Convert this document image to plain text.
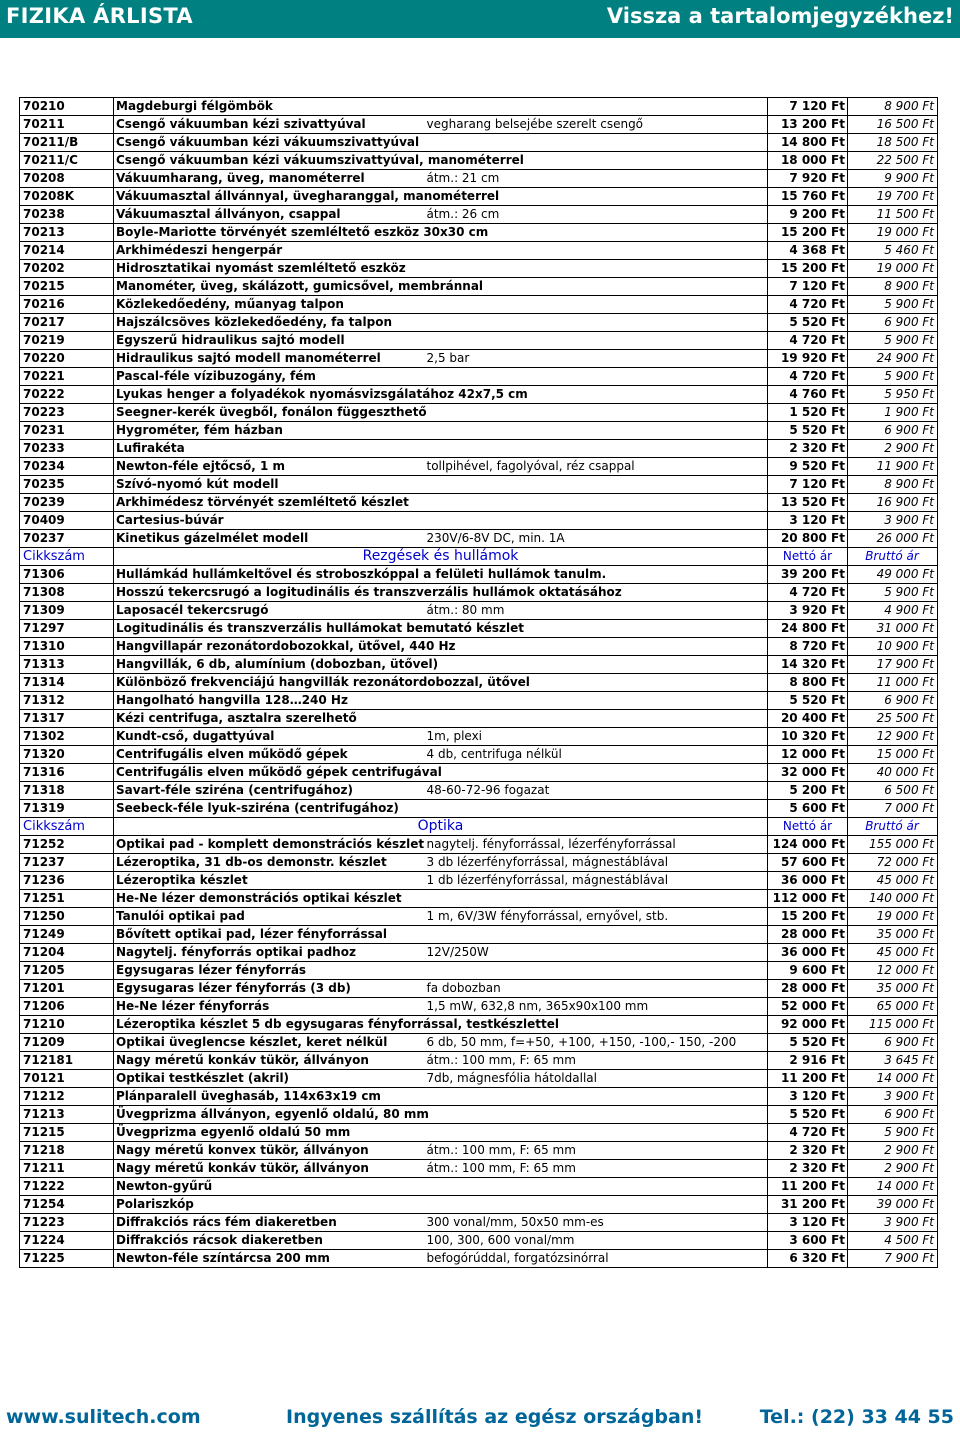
FIZIKA ÁRLISTA	Vissza a tartalomjegyzékhez!
70210	Magdeburgi félgömbök		7 120 Ft	8 900 Ft
70211	Csengő vákuumban kézi szivattyúval	vegharang belsejébe szerelt csengő	13 200 Ft	16 500 Ft
70211/B	Csengő vákuumban kézi vákuumszivattyúval		14 800 Ft	18 500 Ft
70211/C	Csengő vákuumban kézi vákuumszivattyúval, manométerrel		18 000 Ft	22 500 Ft
70208	Vákuumharang, üveg, manométerrel	átm.: 21 cm	7 920 Ft	9 900 Ft
70208K	Vákuumasztal állvánnyal, üvegharanggal, manométerrel		15 760 Ft	19 700 Ft
70238	Vákuumasztal állványon, csappal	átm.: 26 cm	9 200 Ft	11 500 Ft
70213	Boyle-Mariotte törvényét szemléltető eszköz 30x30 cm		15 200 Ft	19 000 Ft
70214	Arkhimédeszi hengerpár		4 368 Ft	5 460 Ft
70202	Hidrosztatikai nyomást szemléltető eszköz		15 200 Ft	19 000 Ft
70215	Manométer, üveg, skálázott, gumicsővel, membránnal		7 120 Ft	8 900 Ft
70216	Közlekedőedény, műanyag talpon		4 720 Ft	5 900 Ft
70217	Hajszálcsöves közlekedőedény, fa talpon		5 520 Ft	6 900 Ft
70219	Egyszerű hidraulikus sajtó modell		4 720 Ft	5 900 Ft
70220	Hidraulikus sajtó modell manométerrel	2,5 bar	19 920 Ft	24 900 Ft
70221	Pascal-féle vízibuzogány, fém		4 720 Ft	5 900 Ft
70222	Lyukas henger a folyadékok nyomásvizsgálatához 42x7,5 cm		4 760 Ft	5 950 Ft
70223	Seegner-kerék üvegből, fonálon függeszthető		1 520 Ft	1 900 Ft
70231	Hygrométer, fém házban		5 520 Ft	6 900 Ft
70233	Lufirakéta		2 320 Ft	2 900 Ft
70234	Newton-féle ejtőcső, 1 m	tollpihével, fagolyóval, réz csappal	9 520 Ft	11 900 Ft
70235	Szívó-nyomó kút modell		7 120 Ft	8 900 Ft
70239	Arkhimédesz törvényét szemléltető készlet		13 520 Ft	16 900 Ft
70409	Cartesius-búvár		3 120 Ft	3 900 Ft
70237	Kinetikus gázelmélet modell	230V/6-8V DC, min. 1A	20 800 Ft	26 000 Ft
Cikkszám	Rezgések és hullámok		Nettó ár	Bruttó ár
71306	Hullámkád hullámkeltővel és stroboszkóppal a felületi hullámok tanulm.		39 200 Ft	49 000 Ft
71308	Hosszú tekercsrugó a logitudinális és transzverzális hullámok oktatásához		4 720 Ft	5 900 Ft
71309	Laposacél tekercsrugó	átm.: 80 mm	3 920 Ft	4 900 Ft
71297	Logitudinális és transzverzális hullámokat bemutató készlet		24 800 Ft	31 000 Ft
71310	Hangvillapár rezonátordobozokkal, ütővel, 440 Hz		8 720 Ft	10 900 Ft
71313	Hangvillák, 6 db, alumínium (dobozban, ütővel)		14 320 Ft	17 900 Ft
71314	Különböző frekvenciájú hangvillák rezonátordobozzal, ütővel		8 800 Ft	11 000 Ft
71312	Hangolható hangvilla 128…240 Hz		5 520 Ft	6 900 Ft
71317	Kézi centrifuga, asztalra szerelhető		20 400 Ft	25 500 Ft
71302	Kundt-cső, dugattyúval	1m, plexi	10 320 Ft	12 900 Ft
71320	Centrifugális elven működő gépek	4 db, centrifuga nélkül	12 000 Ft	15 000 Ft
71316	Centrifugális elven működő gépek centrifugával		32 000 Ft	40 000 Ft
71318	Savart-féle sziréna (centrifugához)	48-60-72-96 fogazat	5 200 Ft	6 500 Ft
71319	Seebeck-féle lyuk-sziréna (centrifugához)		5 600 Ft	7 000 Ft
Cikkszám	Optika		Nettó ár	Bruttó ár
71252	Optikai pad - komplett demonstrációs készlet	nagytelj. fényforrással, lézerfényforrással	124 000 Ft	155 000 Ft
71237	Lézeroptika, 31 db-os demonstr. készlet	3 db lézerfényforrással, mágnestáblával	57 600 Ft	72 000 Ft
71236	Lézeroptika készlet	1 db lézerfényforrással, mágnestáblával	36 000 Ft	45 000 Ft
71251	He-Ne lézer demonstrációs optikai készlet		112 000 Ft	140 000 Ft
71250	Tanulói optikai pad	1 m, 6V/3W fényforrással, ernyővel, stb.	15 200 Ft	19 000 Ft
71249	Bővített optikai pad, lézer fényforrással		28 000 Ft	35 000 Ft
71204	Nagytelj. fényforrás optikai padhoz	12V/250W	36 000 Ft	45 000 Ft
71205	Egysugaras lézer fényforrás		9 600 Ft	12 000 Ft
71201	Egysugaras lézer fényforrás (3 db)	fa dobozban	28 000 Ft	35 000 Ft
71206	He-Ne lézer fényforrás	1,5 mW, 632,8 nm, 365x90x100 mm	52 000 Ft	65 000 Ft
71210	Lézeroptika készlet 5 db egysugaras fényforrással, testkészlettel		92 000 Ft	115 000 Ft
71209	Optikai üveglencse készlet, keret nélkül	6 db, 50 mm, f=+50, +100, +150, -100,- 150, -200	5 520 Ft	6 900 Ft
712181	Nagy méretű konkáv tükör, állványon	átm.: 100 mm, F: 65 mm	2 916 Ft	3 645 Ft
70121	Optikai testkészlet (akril)	7db, mágnesfólia hátoldallal	11 200 Ft	14 000 Ft
71212	Plánparalell üveghasáb, 114x63x19 cm		3 120 Ft	3 900 Ft
71213	Üvegprizma állványon, egyenlő oldalú, 80 mm		5 520 Ft	6 900 Ft
71215	Üvegprizma egyenlő oldalú 50 mm		4 720 Ft	5 900 Ft
71218	Nagy méretű konvex tükör, állványon	átm.: 100 mm, F: 65 mm	2 320 Ft	2 900 Ft
71211	Nagy méretű konkáv tükör, állványon	átm.: 100 mm, F: 65 mm	2 320 Ft	2 900 Ft
71222	Newton-gyűrű		11 200 Ft	14 000 Ft
71254	Polariszkóp		31 200 Ft	39 000 Ft
71223	Diffrakciós rács fém diakeretben	300 vonal/mm, 50x50 mm-es	3 120 Ft	3 900 Ft
71224	Diffrakciós rácsok diakeretben	100, 300, 600 vonal/mm	3 600 Ft	4 500 Ft
71225	Newton-féle színtárcsa 200 mm	befogórúddal, forgatózsinórral	6 320 Ft	7 900 Ft
www.sulitech.com	Ingyenes szállítás az egész országban!	Tel.: (22) 33 44 55
